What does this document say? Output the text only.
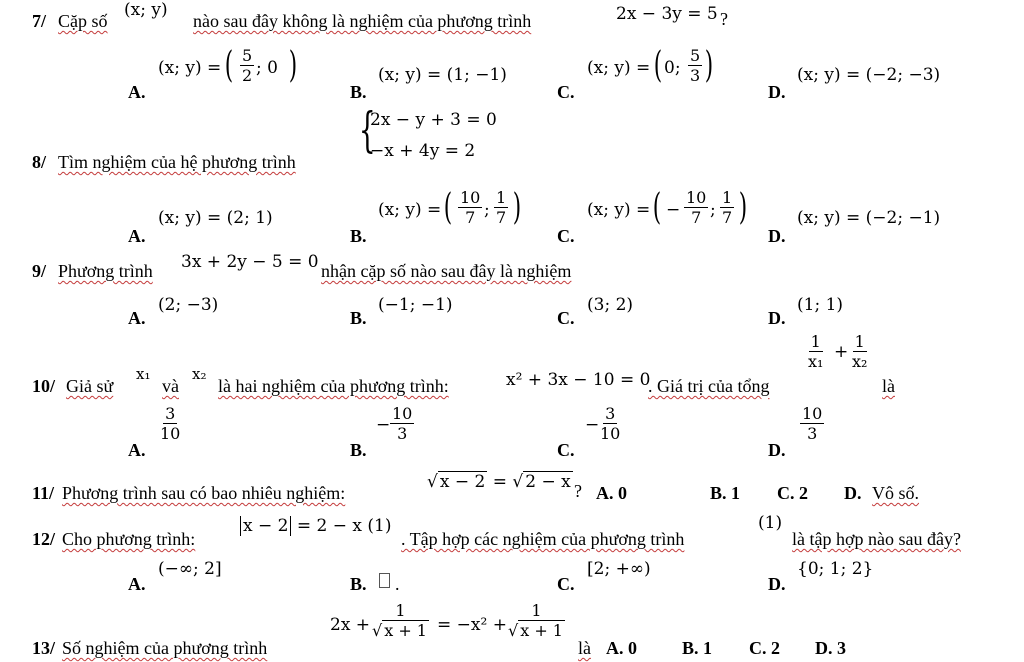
7/ Cặp số
(x; y)
nào sau đây không là nghiệm của phương trình	2x − 3y = 5 ?
A.
(x; y) = ( $\frac{5}{2}$ ; 0 )
B.
(x; y) = (1; −1)
C.
(x; y) = ( 0; $\frac{5}{3}$ )
D.
(x; y) = (−2; −3)
8/ Tìm nghiệm của hệ phương trình
{
2x − y + 3 = 0
−x + 4y = 2
A.
(x; y) = (2; 1)
B.
(x; y) = ( $\frac{10}{7}$ ; $\frac{1}{7}$ )
C.
(x; y) = ( − $\frac{10}{7}$ ; $\frac{1}{7}$ )
D.
(x; y) = (−2; −1)
9/ Phương trình 3x + 2y − 5 = 0 nhận cặp số nào sau đây là nghiệm
A.
(2; −3)
B.
(−1; −1)
C.
(3; 2)
D.
(1; 1)
10/ Giả sử
x₁
và
x₂
là hai nghiệm của phương trình:	x² + 3x − 10 = 0
. Giá trị của tổng
$\frac{1}{\text{x₁}} + \frac{1}{\text{x₂}}$
là
A.
$\frac{3}{10}$
B.
− $\frac{10}{3}$
C.
− $\frac{3}{10}$
D.
$\frac{10}{3}$
11/ Phương trình sau có bao nhiêu nghiệm:
√ x − 2 = √ 2 − x ? A. 0	B. 1 C. 2 D. Vô số.
12/ Cho phương trình:
x − 2 = 2 − x (1)
. Tập hợp các nghiệm của phương trình
(1)
là tập hợp nào sau đây?
A.
(−∞; 2]
B. .	C.
[2; +∞)
D.
{0; 1; 2}
13/ Số nghiệm của phương trình
$2x + \frac{1}{√ x + 1} = -x^2 + \frac{1}{√ x + 1}$
là A. 0	B. 1 C. 2 D. 3
